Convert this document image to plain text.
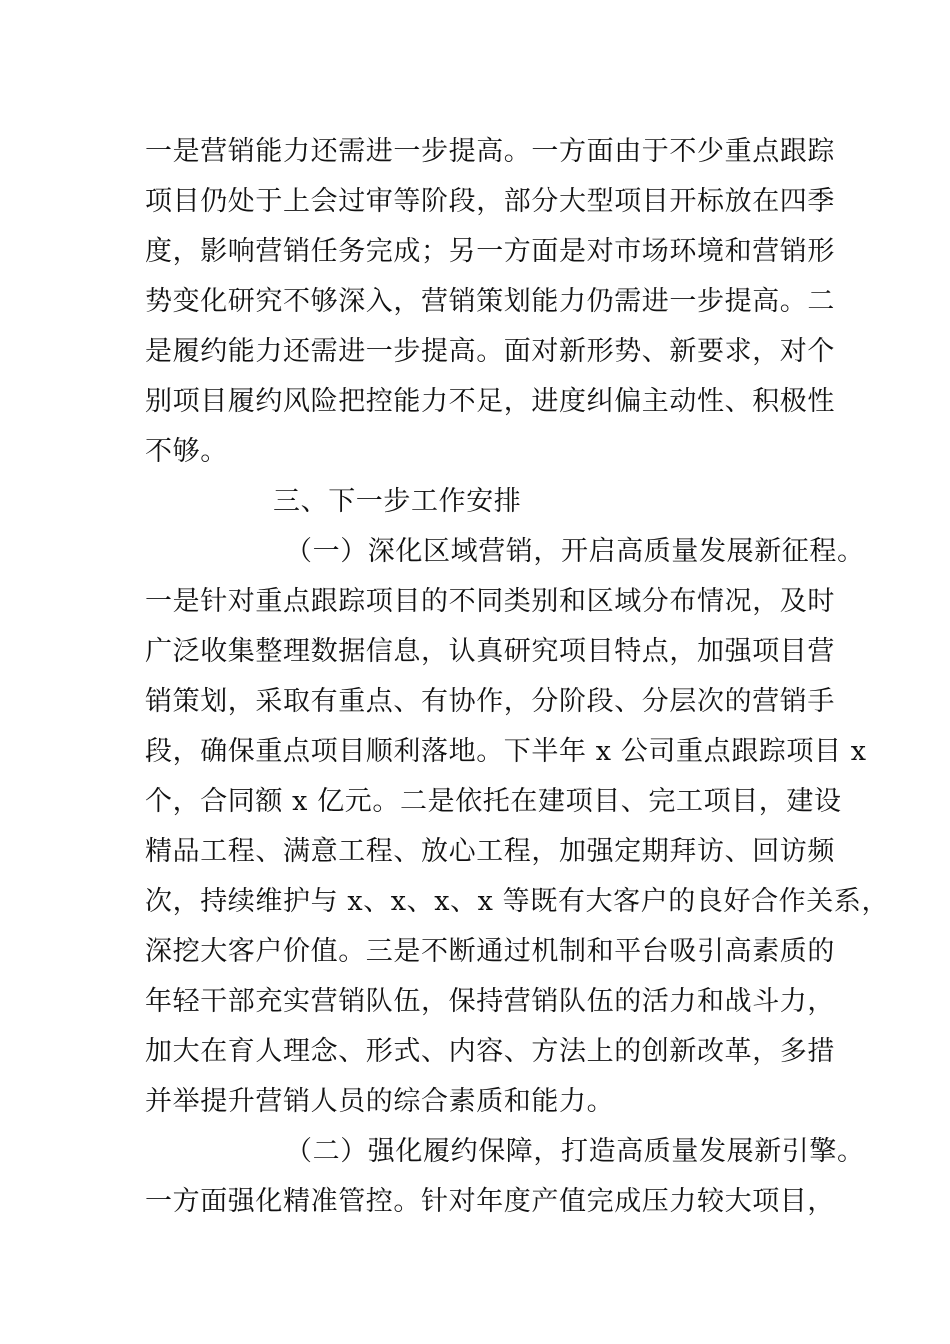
一是营销能力还需进一步提高。一方面由于不少重点跟踪
项目仍处于上会过审等阶段，部分大型项目开标放在四季
度，影响营销任务完成；另一方面是对市场环境和营销形
势变化研究不够深入，营销策划能力仍需进一步提高。二
是履约能力还需进一步提高。面对新形势、新要求，对个
别项目履约风险把控能力不足，进度纠偏主动性、积极性
不够。
三、下一步工作安排
（一）深化区域营销，开启高质量发展新征程。
一是针对重点跟踪项目的不同类别和区域分布情况，及时
广泛收集整理数据信息，认真研究项目特点，加强项目营
销策划，采取有重点、有协作，分阶段、分层次的营销手
段，确保重点项目顺利落地。下半年 x 公司重点跟踪项目 x
个，合同额 x 亿元。二是依托在建项目、完工项目，建设
精品工程、满意工程、放心工程，加强定期拜访、回访频
次，持续维护与 x、x、x、x 等既有大客户的良好合作关系，
深挖大客户价值。三是不断通过机制和平台吸引高素质的
年轻干部充实营销队伍，保持营销队伍的活力和战斗力，
加大在育人理念、形式、内容、方法上的创新改革，多措
并举提升营销人员的综合素质和能力。
（二）强化履约保障，打造高质量发展新引擎。
一方面强化精准管控。针对年度产值完成压力较大项目，
